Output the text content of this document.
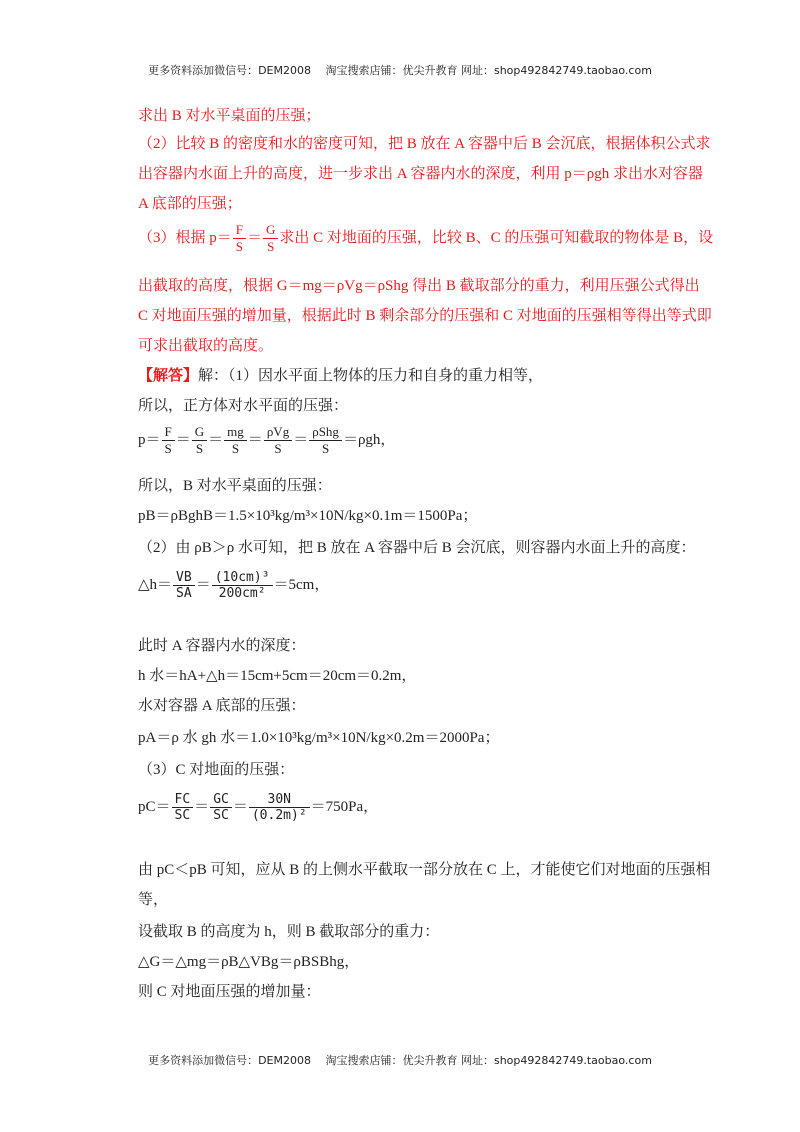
更多资料添加微信号：DEM2008　 淘宝搜索店铺：优尖升教育 网址：shop492842749.taobao.com
求出 B 对水平桌面的压强；
（2）比较 B 的密度和水的密度可知，把 B 放在 A 容器中后 B 会沉底，根据体积公式求
出容器内水面上升的高度，进一步求出 A 容器内水的深度，利用 p＝ρgh 求出水对容器
A 底部的压强；
（3）根据 $p= \frac{F}{S} = \frac{G}{S}$ 求出 C 对地面的压强，比较 B、C 的压强可知截取的物体是 B，设
出截取的高度，根据 G＝mg＝ρVg＝ρShg 得出 B 截取部分的重力，利用压强公式得出
C 对地面压强的增加量，根据此时 B 剩余部分的压强和 C 对地面的压强相等得出等式即
可求出截取的高度。
【解答】解：（1）因水平面上物体的压力和自身的重力相等，
所以，正方体对水平面的压强：
$p= \frac{F}{S} = \frac{G}{S} = \frac{mg}{S} = \frac{\text{ρVg}}{S} = \frac{\text{ρShg}}{S} =\rho gh$，
所以，B 对水平桌面的压强：
pB＝ρBghB＝1.5×10³kg/m³×10N/kg×0.1m＝1500Pa；
（2）由 ρB＞ρ 水可知，把 B 放在 A 容器中后 B 会沉底，则容器内水面上升的高度：
△h＝ $\frac{VB}{SA} = \frac{\text{(10cm)³}}{\text{200cm²}} =5cm$，
此时 A 容器内水的深度：
h 水＝hA+△h＝15cm+5cm＝20cm＝0.2m，
水对容器 A 底部的压强：
pA＝ρ 水 gh 水＝1.0×10³kg/m³×10N/kg×0.2m＝2000Pa；
（3）C 对地面的压强：
$pC= \frac{FC}{SC} = \frac{GC}{SC} = \frac{30N}{\text{(0.2m)²}} =750Pa$，
由 pC＜pB 可知，应从 B 的上侧水平截取一部分放在 C 上，才能使它们对地面的压强相
等，
设截取 B 的高度为 h，则 B 截取部分的重力：
△G＝△mg＝ρB△VBg＝ρBSBhg，
则 C 对地面压强的增加量：
更多资料添加微信号：DEM2008　 淘宝搜索店铺：优尖升教育 网址：shop492842749.taobao.com
